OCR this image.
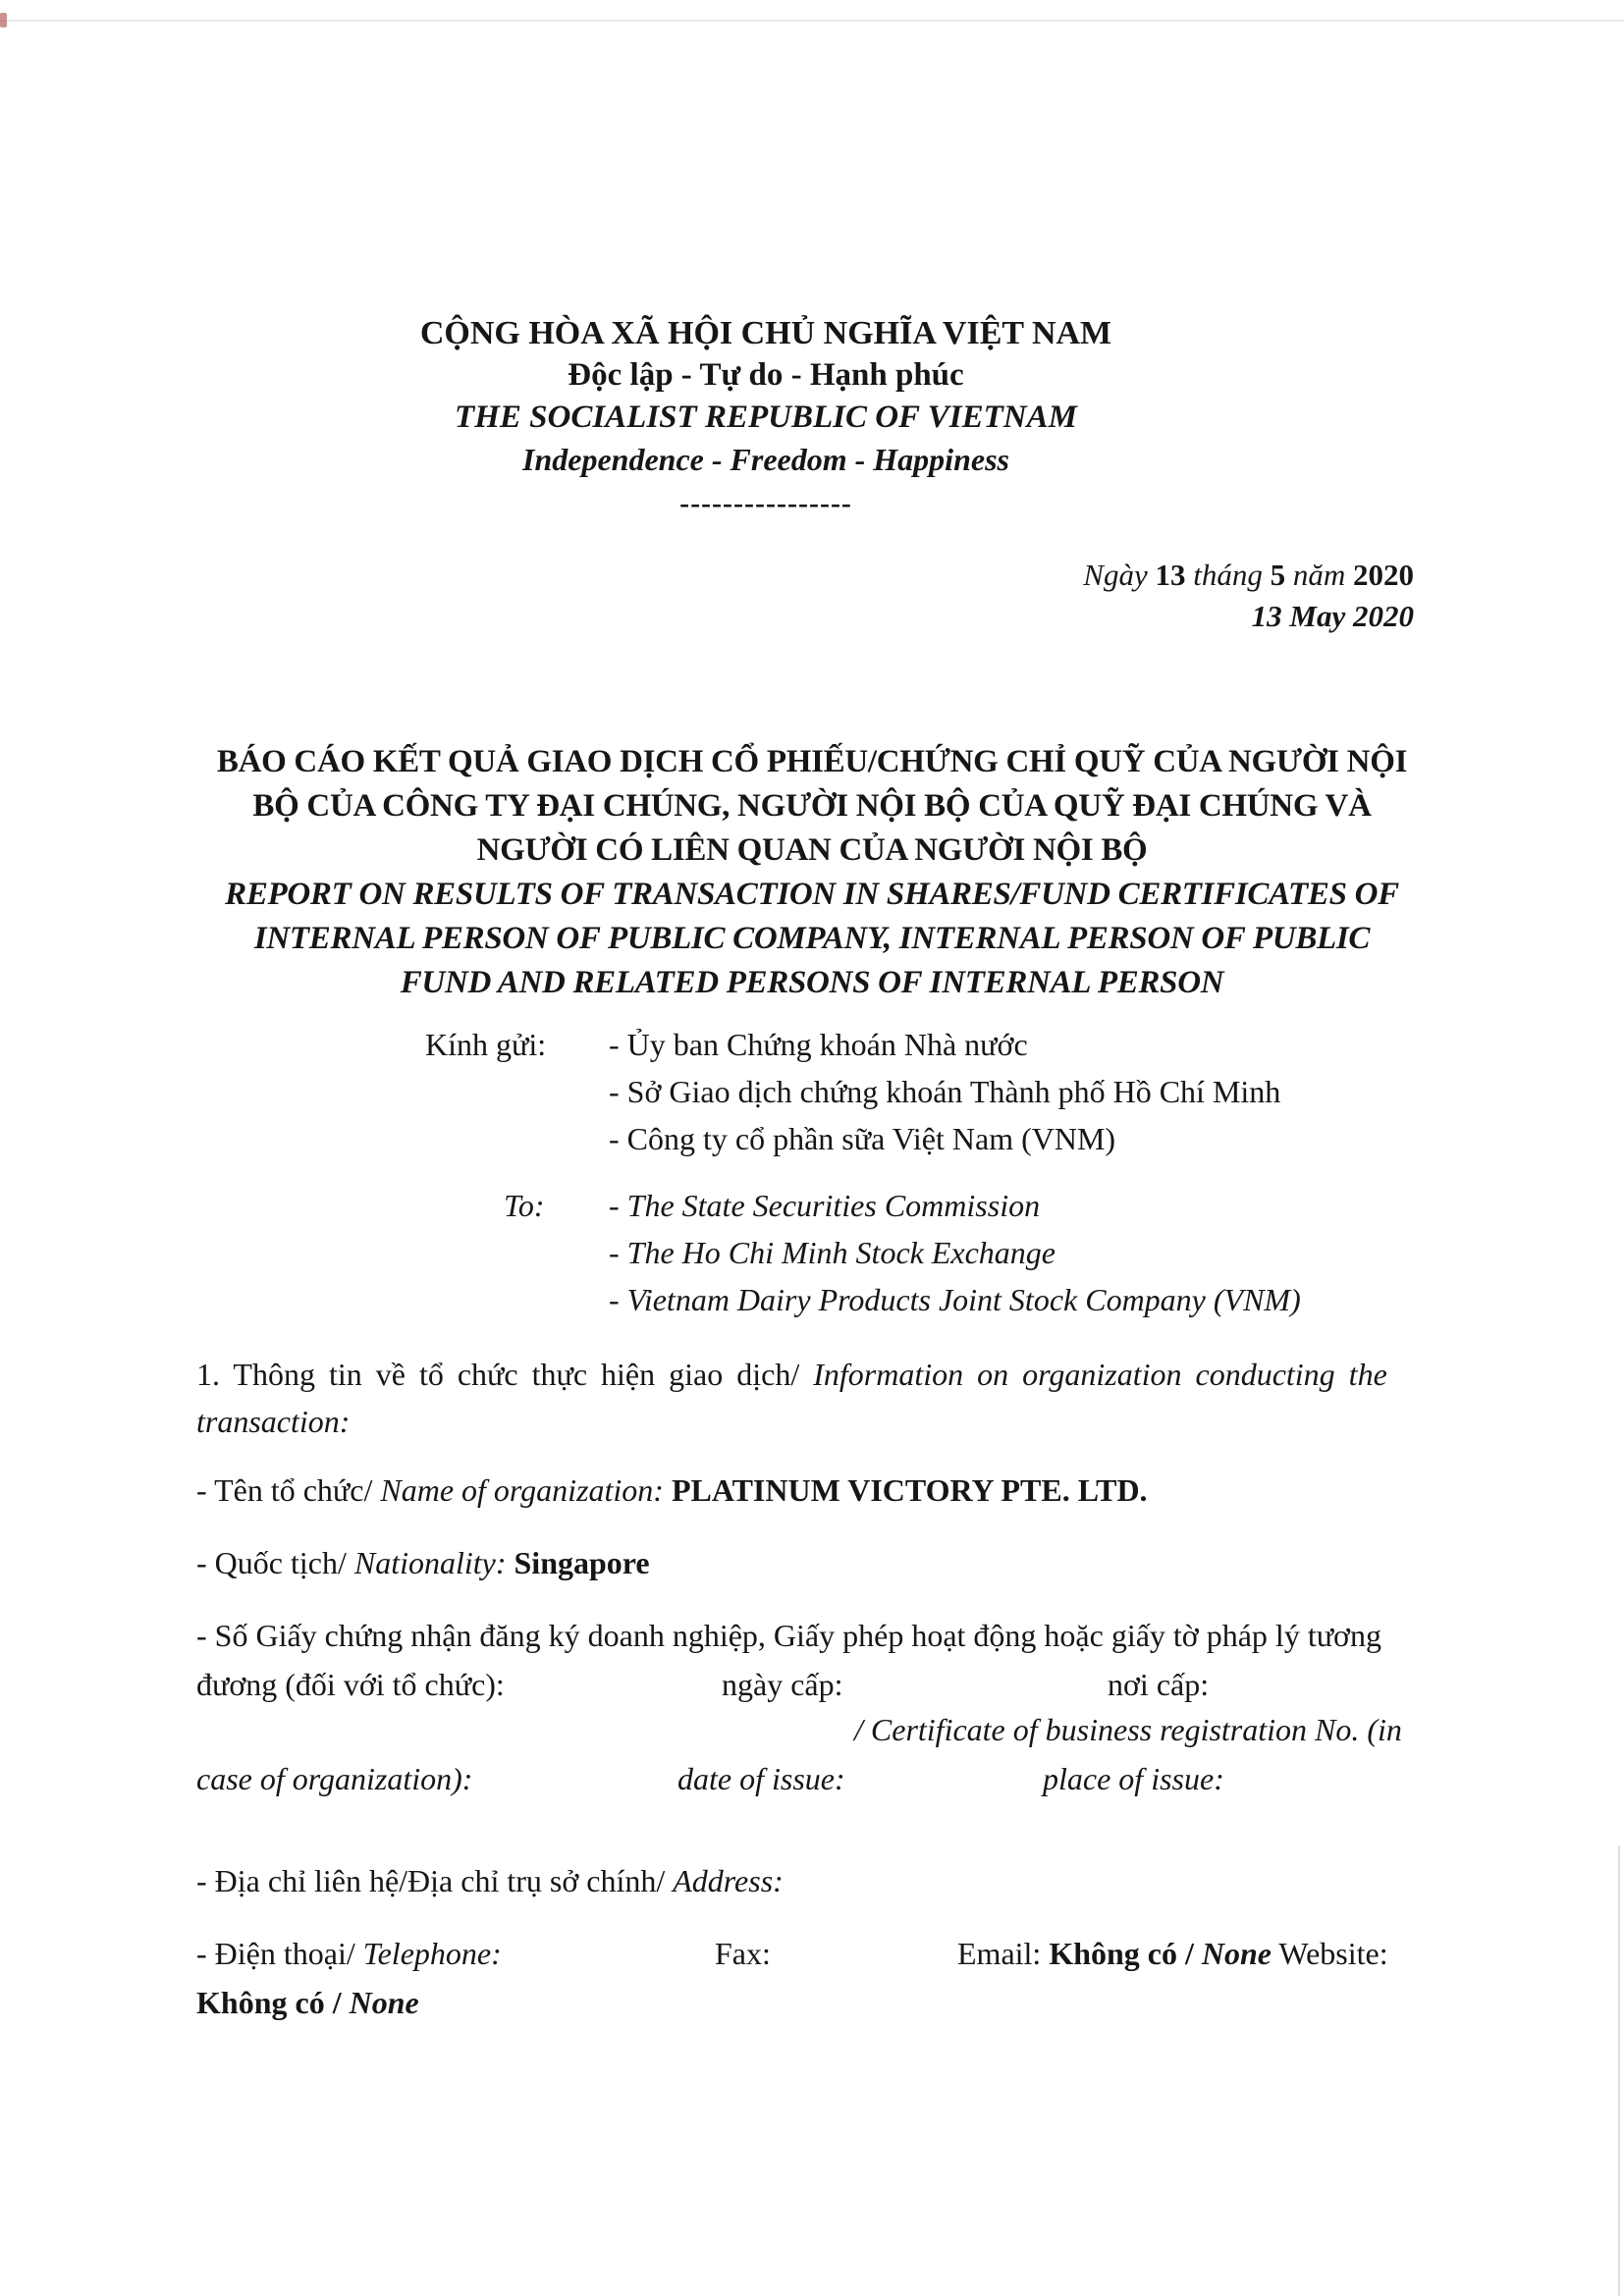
CỘNG HÒA XÃ HỘI CHỦ NGHĨA VIỆT NAM
Độc lập - Tự do - Hạnh phúc
THE SOCIALIST REPUBLIC OF VIETNAM
Independence - Freedom - Happiness
----------------
Ngày 13 tháng 5 năm 2020
13 May 2020
BÁO CÁO KẾT QUẢ GIAO DỊCH CỔ PHIẾU/CHỨNG CHỈ QUỸ CỦA NGƯỜI NỘI
BỘ CỦA CÔNG TY ĐẠI CHÚNG, NGƯỜI NỘI BỘ CỦA QUỸ ĐẠI CHÚNG VÀ
NGƯỜI CÓ LIÊN QUAN CỦA NGƯỜI NỘI BỘ
REPORT ON RESULTS OF TRANSACTION IN SHARES/FUND CERTIFICATES OF
INTERNAL PERSON OF PUBLIC COMPANY, INTERNAL PERSON OF PUBLIC
FUND AND RELATED PERSONS OF INTERNAL PERSON
Kính gửi: - Ủy ban Chứng khoán Nhà nước
- Sở Giao dịch chứng khoán Thành phố Hồ Chí Minh
- Công ty cổ phần sữa Việt Nam (VNM)
To: - The State Securities Commission
- The Ho Chi Minh Stock Exchange
- Vietnam Dairy Products Joint Stock Company (VNM)
1. Thông tin về tổ chức thực hiện giao dịch/ Information on organization conducting the
transaction:
- Tên tổ chức/ Name of organization: PLATINUM VICTORY PTE. LTD.
- Quốc tịch/ Nationality: Singapore
- Số Giấy chứng nhận đăng ký doanh nghiệp, Giấy phép hoạt động hoặc giấy tờ pháp lý tương
đương (đối với tổ chức):	ngày cấp:	nơi cấp:
/ Certificate of business registration No. (in
case of organization):	date of issue:	place of issue:
- Địa chỉ liên hệ/Địa chỉ trụ sở chính/ Address:
- Điện thoại/ Telephone:	Fax:	Email: Không có / None Website:
Không có / None
